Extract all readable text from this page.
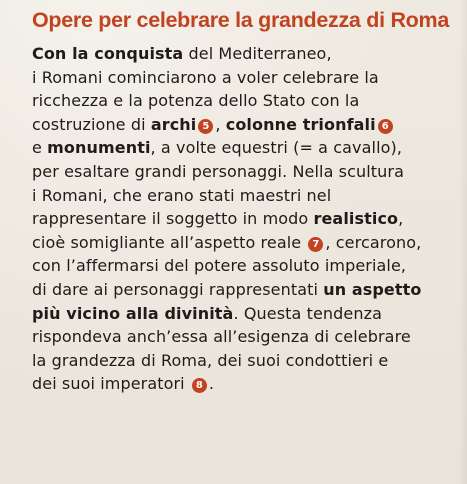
Opere per celebrare la grandezza di Roma
Con la conquista del Mediterraneo,
i Romani cominciarono a voler celebrare la
ricchezza e la potenza dello Stato con la
costruzione di archi 5 , colonne trionfali 6
e monumenti, a volte equestri (= a cavallo),
per esaltare grandi personaggi. Nella scultura
i Romani, che erano stati maestri nel
rappresentare il soggetto in modo realistico,
cioè somigliante all’aspetto reale 7 , cercarono,
con l’affermarsi del potere assoluto imperiale,
di dare ai personaggi rappresentati un aspetto
più vicino alla divinità. Questa tendenza
rispondeva anch’essa all’esigenza di celebrare
la grandezza di Roma, dei suoi condottieri e
dei suoi imperatori 8 .
